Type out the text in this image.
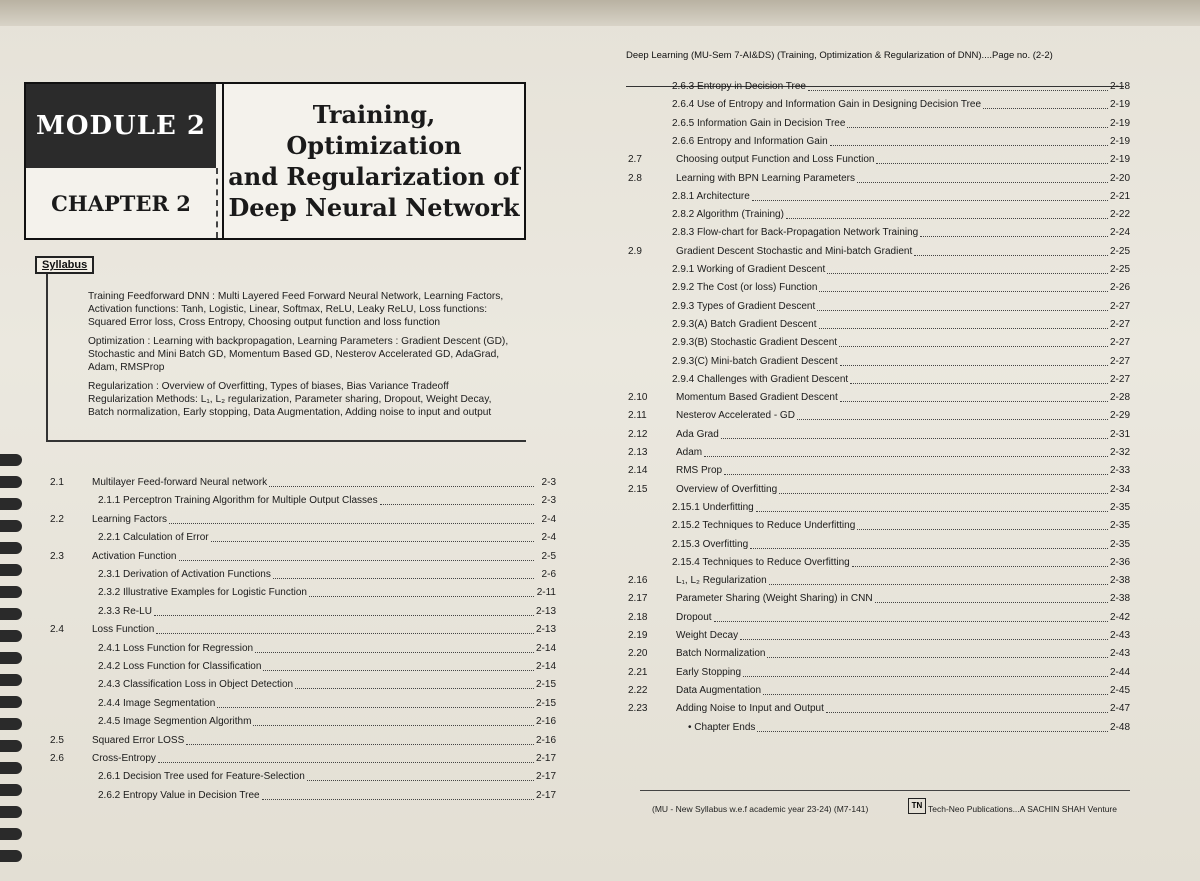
Deep Learning (MU-Sem 7-AI&DS) (Training, Optimization & Regularization of DNN)....Page no. (2-2)
MODULE 2
CHAPTER 2
Training, Optimization
and Regularization of
Deep Neural Network
Syllabus
Training Feedforward DNN : Multi Layered Feed Forward Neural Network, Learning Factors,
Activation functions: Tanh, Logistic, Linear, Softmax, ReLU, Leaky ReLU, Loss functions:
Squared Error loss, Cross Entropy, Choosing output function and loss function
Optimization : Learning with backpropagation, Learning Parameters : Gradient Descent (GD),
Stochastic and Mini Batch GD, Momentum Based GD, Nesterov Accelerated GD, AdaGrad,
Adam, RMSProp
Regularization : Overview of Overfitting, Types of biases, Bias Variance Tradeoff
Regularization Methods: L₁, L₂ regularization, Parameter sharing, Dropout, Weight Decay,
Batch normalization, Early stopping, Data Augmentation, Adding noise to input and output
2.1	Multilayer Feed-forward Neural network	2-3
2.1.1 Perceptron Training Algorithm for Multiple Output Classes	2-3
2.2	Learning Factors	2-4
2.2.1 Calculation of Error	2-4
2.3	Activation Function	2-5
2.3.1 Derivation of Activation Functions	2-6
2.3.2 Illustrative Examples for Logistic Function	2-11
2.3.3 Re-LU	2-13
2.4	Loss Function	2-13
2.4.1 Loss Function for Regression	2-14
2.4.2 Loss Function for Classification	2-14
2.4.3 Classification Loss in Object Detection	2-15
2.4.4 Image Segmentation	2-15
2.4.5 Image Segmention Algorithm	2-16
2.5	Squared Error LOSS	2-16
2.6	Cross-Entropy	2-17
2.6.1 Decision Tree used for Feature-Selection	2-17
2.6.2 Entropy Value in Decision Tree	2-17
2.6.3 Entropy in Decision Tree	2-18
2.6.4 Use of Entropy and Information Gain in Designing Decision Tree	2-19
2.6.5 Information Gain in Decision Tree	2-19
2.6.6 Entropy and Information Gain	2-19
2.7	Choosing output Function and Loss Function	2-19
2.8	Learning with BPN Learning Parameters	2-20
2.8.1 Architecture	2-21
2.8.2 Algorithm (Training)	2-22
2.8.3 Flow-chart for Back-Propagation Network Training	2-24
2.9	Gradient Descent Stochastic and Mini-batch Gradient	2-25
2.9.1 Working of Gradient Descent	2-25
2.9.2 The Cost (or loss) Function	2-26
2.9.3 Types of Gradient Descent	2-27
2.9.3(A) Batch Gradient Descent	2-27
2.9.3(B) Stochastic Gradient Descent	2-27
2.9.3(C) Mini-batch Gradient Descent	2-27
2.9.4 Challenges with Gradient Descent	2-27
2.10	Momentum Based Gradient Descent	2-28
2.11	Nesterov Accelerated - GD	2-29
2.12	Ada Grad	2-31
2.13	Adam	2-32
2.14	RMS Prop	2-33
2.15	Overview of Overfitting	2-34
2.15.1 Underfitting	2-35
2.15.2 Techniques to Reduce Underfitting	2-35
2.15.3 Overfitting	2-35
2.15.4 Techniques to Reduce Overfitting	2-36
2.16	L₁, L₂ Regularization	2-38
2.17	Parameter Sharing (Weight Sharing) in CNN	2-38
2.18	Dropout	2-42
2.19	Weight Decay	2-43
2.20	Batch Normalization	2-43
2.21	Early Stopping	2-44
2.22	Data Augmentation	2-45
2.23	Adding Noise to Input and Output	2-47
• Chapter Ends	2-48
(MU - New Syllabus w.e.f academic year 23-24) (M7-141)	TN Tech-Neo Publications...A SACHIN SHAH Venture
